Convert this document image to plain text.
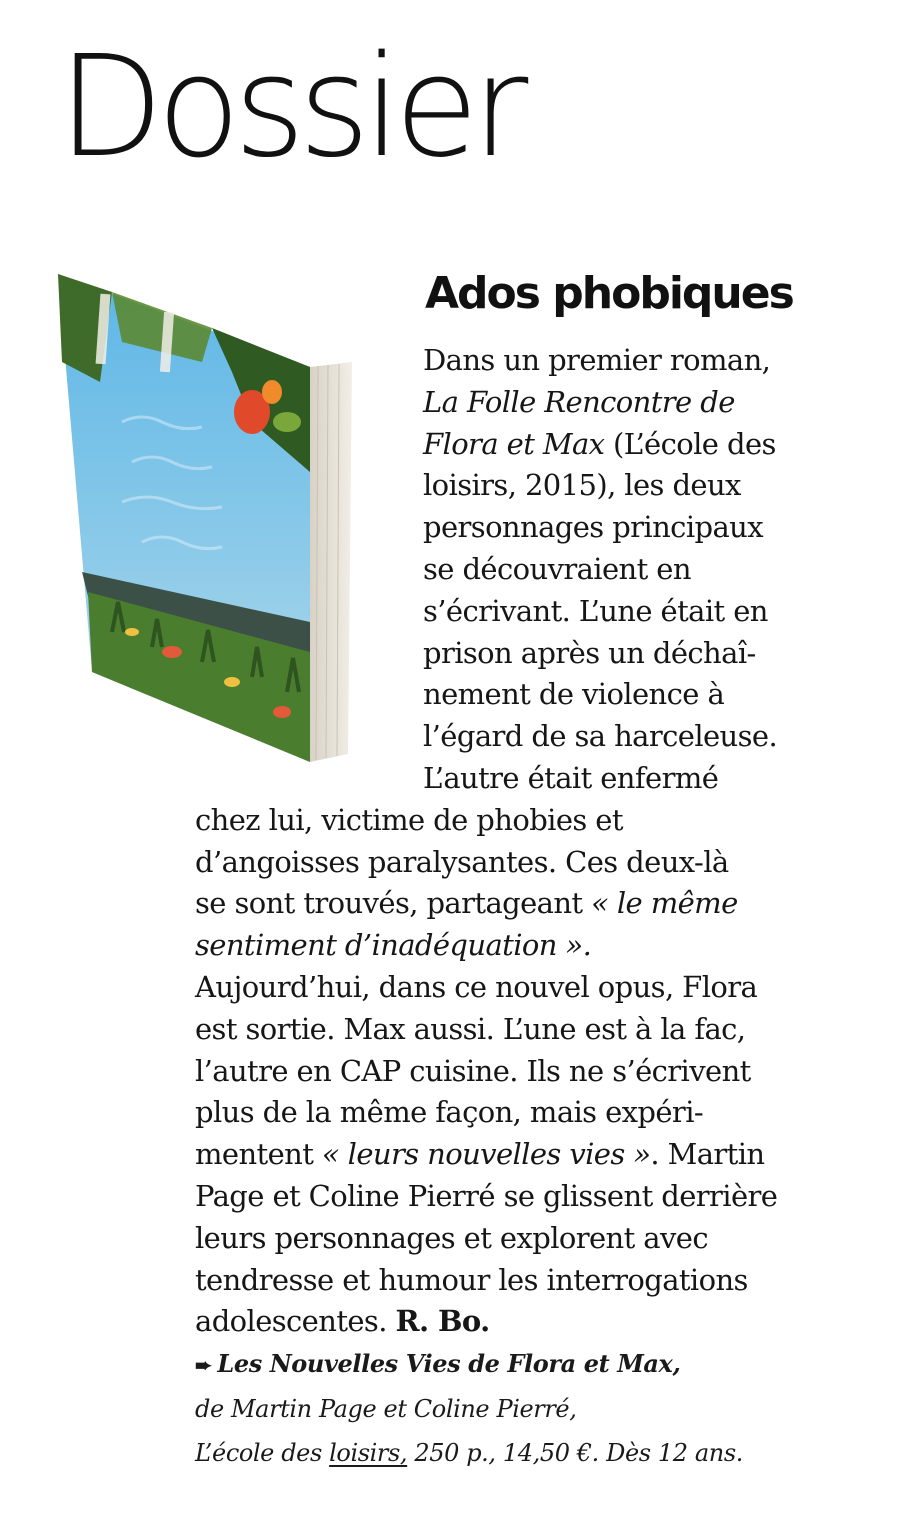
Dossier
Ados phobiques
Dans un premier roman,
La Folle Rencontre de
Flora et Max (L’école des
loisirs, 2015), les deux
personnages principaux
se découvraient en
s’écrivant. L’une était en
prison après un déchaî-
nement de violence à
l’égard de sa harceleuse.
L’autre était enfermé
chez lui, victime de phobies et
d’angoisses paralysantes. Ces deux-là
se sont trouvés, partageant « le même
sentiment d’inadéquation ».
Aujourd’hui, dans ce nouvel opus, Flora
est sortie. Max aussi. L’une est à la fac,
l’autre en CAP cuisine. Ils ne s’écrivent
plus de la même façon, mais expéri-
mentent « leurs nouvelles vies ». Martin
Page et Coline Pierré se glissent derrière
leurs personnages et explorent avec
tendresse et humour les interrogations
adolescentes. R. Bo.
➨ Les Nouvelles Vies de Flora et Max,
de Martin Page et Coline Pierré,
L’école des loisirs, 250 p., 14,50 €. Dès 12 ans.
